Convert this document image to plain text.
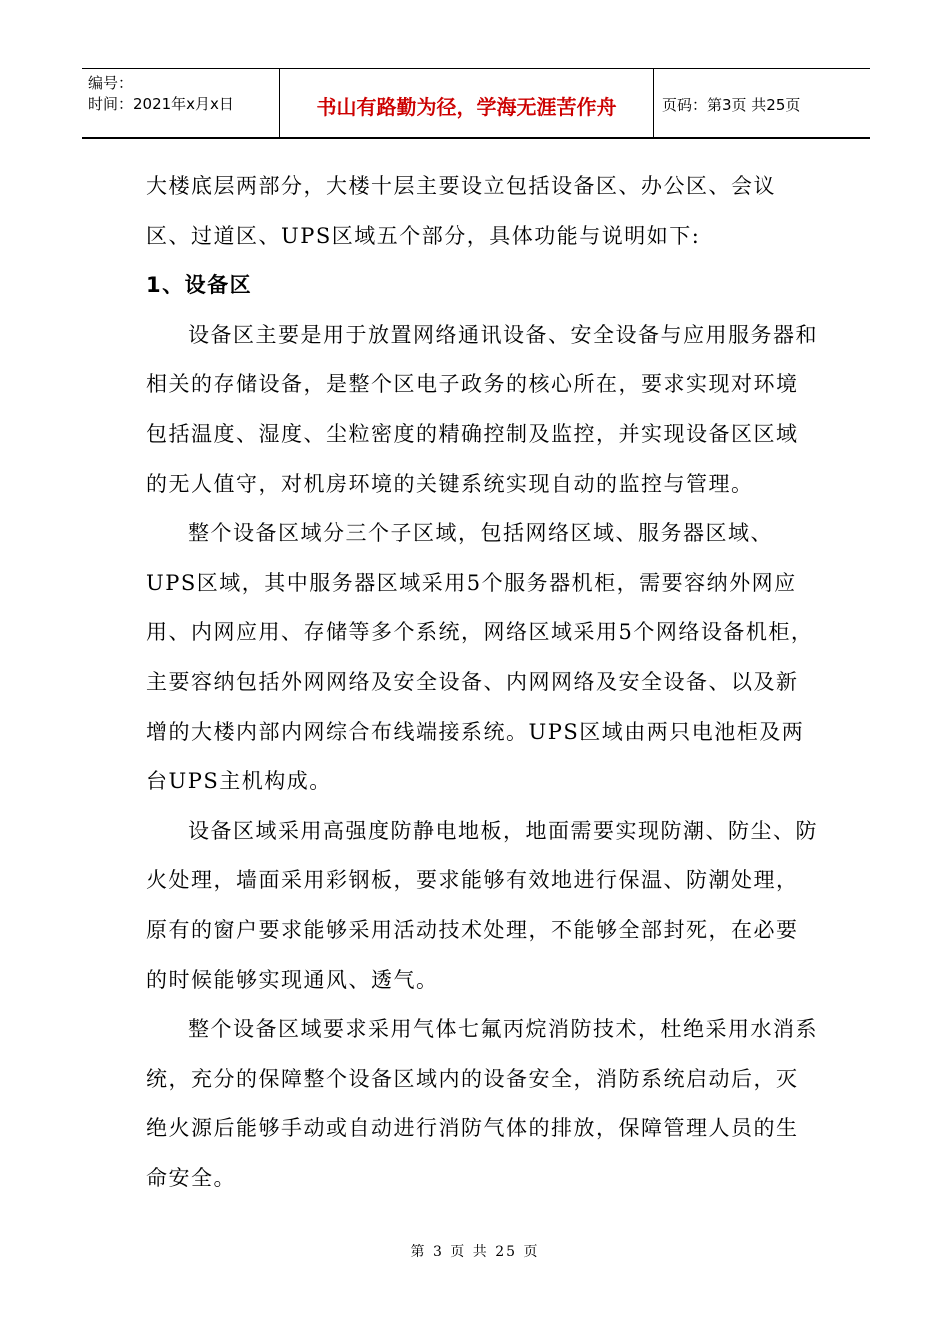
编号：
时间：2021年x月x日	书山有路勤为径，学海无涯苦作舟	页码：第3页 共25页

大楼底层两部分，大楼十层主要设立包括设备区、办公区、会议区、过道区、UPS区域五个部分，具体功能与说明如下:

1、设备区

设备区主要是用于放置网络通讯设备、安全设备与应用服务器和相关的存储设备，是整个区电子政务的核心所在，要求实现对环境包括温度、湿度、尘粒密度的精确控制及监控，并实现设备区区域的无人值守，对机房环境的关键系统实现自动的监控与管理。

整个设备区域分三个子区域，包括网络区域、服务器区域、UPS区域，其中服务器区域采用5个服务器机柜，需要容纳外网应用、内网应用、存储等多个系统，网络区域采用5个网络设备机柜，主要容纳包括外网网络及安全设备、内网网络及安全设备、以及新增的大楼内部内网综合布线端接系统。UPS区域由两只电池柜及两台UPS主机构成。

设备区域采用高强度防静电地板，地面需要实现防潮、防尘、防火处理，墙面采用彩钢板，要求能够有效地进行保温、防潮处理，原有的窗户要求能够采用活动技术处理，不能够全部封死，在必要的时候能够实现通风、透气。

整个设备区域要求采用气体七氟丙烷消防技术，杜绝采用水消系统，充分的保障整个设备区域内的设备安全，消防系统启动后，灭绝火源后能够手动或自动进行消防气体的排放，保障管理人员的生命安全。

第 3 页 共 25 页
